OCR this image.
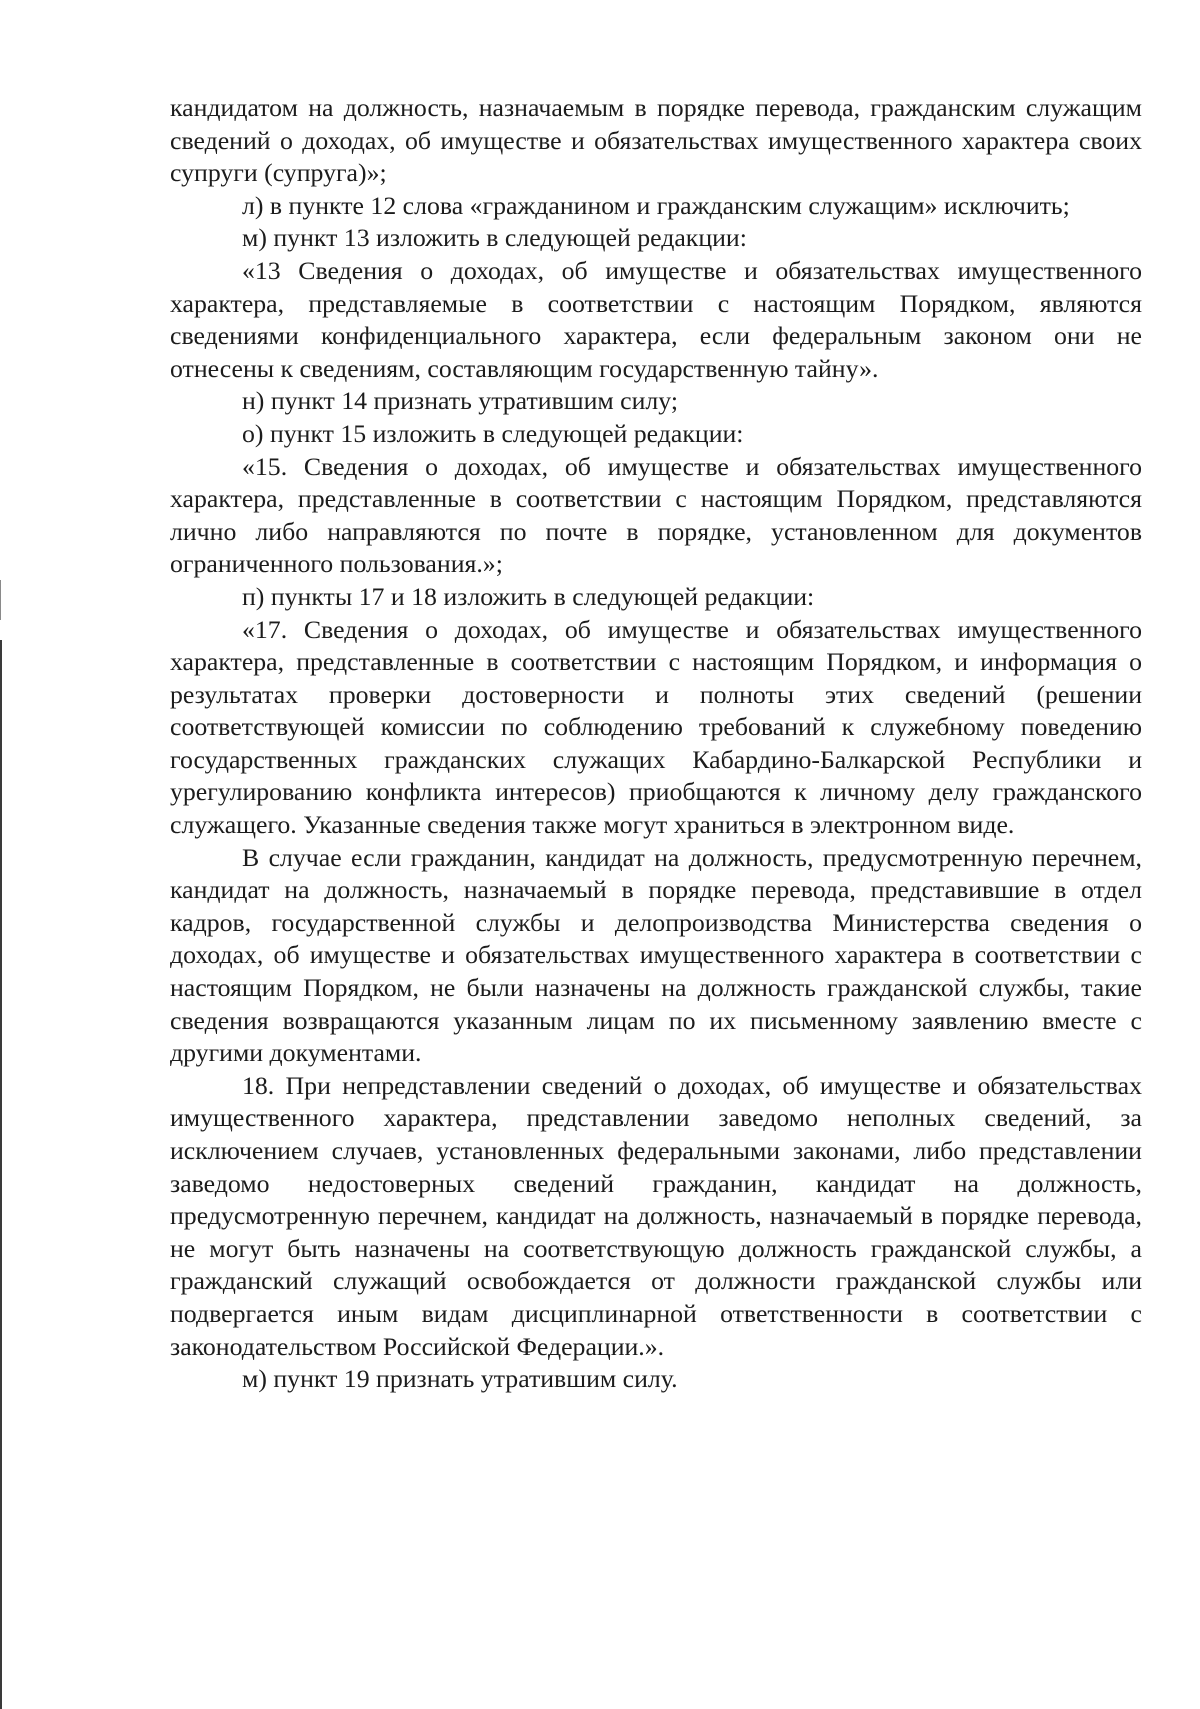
кандидатом на должность, назначаемым в порядке перевода, гражданским служащим сведений о доходах, об имуществе и обязательствах имущественного характера своих супруги (супруга)»;

л) в пункте 12 слова «гражданином и гражданским служащим» исключить;

м) пункт 13 изложить в следующей редакции:

«13 Сведения о доходах, об имуществе и обязательствах имущественного характера, представляемые в соответствии с настоящим Порядком, являются сведениями конфиденциального характера, если федеральным законом они не отнесены к сведениям, составляющим государственную тайну».

н) пункт 14 признать утратившим силу;

о) пункт 15 изложить в следующей редакции:

«15. Сведения о доходах, об имуществе и обязательствах имущественного характера, представленные в соответствии с настоящим Порядком, представляются лично либо направляются по почте в порядке, установленном для документов ограниченного пользования.»;

п) пункты 17 и 18 изложить в следующей редакции:

«17. Сведения о доходах, об имуществе и обязательствах имущественного характера, представленные в соответствии с настоящим Порядком, и информация о результатах проверки достоверности и полноты этих сведений (решении соответствующей комиссии по соблюдению требований к служебному поведению государственных гражданских служащих Кабардино-Балкарской Республики и урегулированию конфликта интересов) приобщаются к личному делу гражданского служащего. Указанные сведения также могут храниться в электронном виде.

В случае если гражданин, кандидат на должность, предусмотренную перечнем, кандидат на должность, назначаемый в порядке перевода, представившие в отдел кадров, государственной службы и делопроизводства Министерства сведения о доходах, об имуществе и обязательствах имущественного характера в соответствии с настоящим Порядком, не были назначены на должность гражданской службы, такие сведения возвращаются указанным лицам по их письменному заявлению вместе с другими документами.

18. При непредставлении сведений о доходах, об имуществе и обязательствах имущественного характера, представлении заведомо неполных сведений, за исключением случаев, установленных федеральными законами, либо представлении заведомо недостоверных сведений гражданин, кандидат на должность, предусмотренную перечнем, кандидат на должность, назначаемый в порядке перевода, не могут быть назначены на соответствующую должность гражданской службы, а гражданский служащий освобождается от должности гражданской службы или подвергается иным видам дисциплинарной ответственности в соответствии с законодательством Российской Федерации.».

м) пункт 19 признать утратившим силу.
